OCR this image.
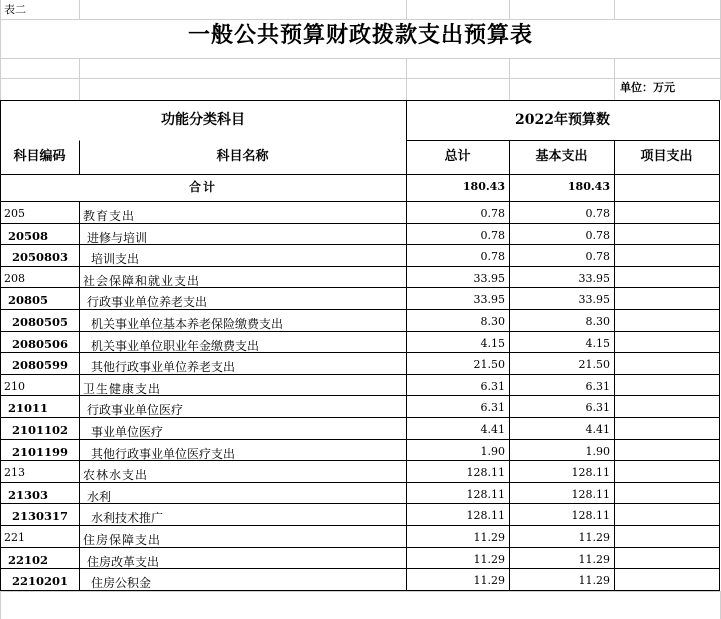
表二
一般公共预算财政拨款支出预算表
单位：万元
功能分类科目	2022年预算数
科目编码	科目名称	总计	基本支出	项目支出
合计	180.43	180.43
205	教育支出	0.78	0.78
20508	进修与培训	0.78	0.78
2050803 培训支出	0.78	0.78
208	社会保障和就业支出	33.95	33.95
20805	行政事业单位养老支出	33.95	33.95
2080505 机关事业单位基本养老保险缴费支出	8.30	8.30
2080506 机关事业单位职业年金缴费支出	4.15	4.15
2080599 其他行政事业单位养老支出	21.50	21.50
210	卫生健康支出	6.31	6.31
21011	行政事业单位医疗	6.31	6.31
2101102 事业单位医疗	4.41	4.41
2101199 其他行政事业单位医疗支出	1.90	1.90
213	农林水支出	128.11	128.11
21303	水利	128.11	128.11
2130317 水利技术推广	128.11	128.11
221	住房保障支出	11.29	11.29
22102	住房改革支出	11.29	11.29
2210201 住房公积金	11.29	11.29
